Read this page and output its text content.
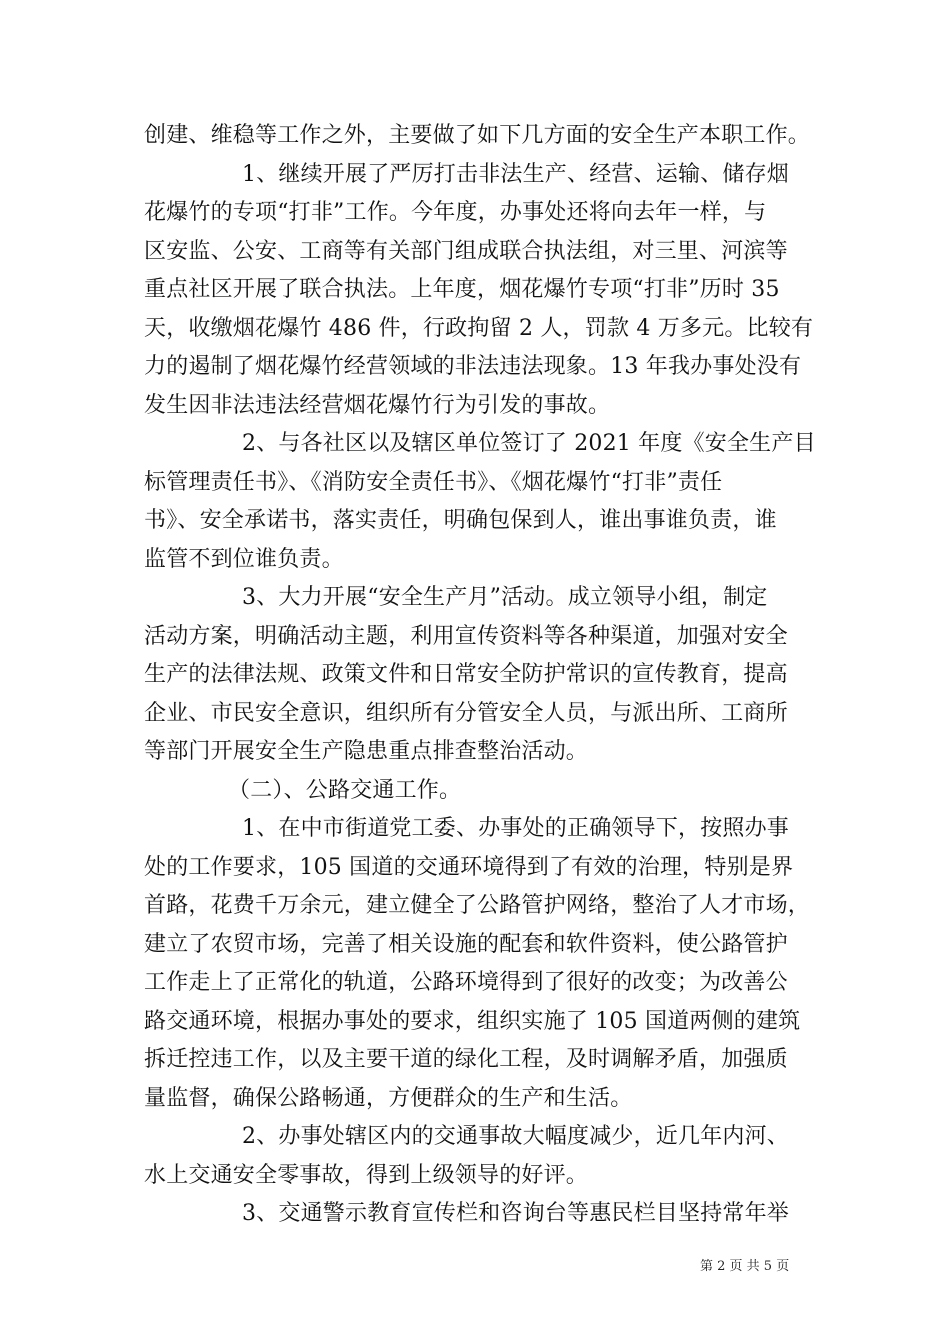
创建、维稳等工作之外，主要做了如下几方面的安全生产本职工作。
1、继续开展了严厉打击非法生产、经营、运输、储存烟
花爆竹的专项“打非”工作。今年度，办事处还将向去年一样，与
区安监、公安、工商等有关部门组成联合执法组，对三里、河滨等
重点社区开展了联合执法。上年度，烟花爆竹专项“打非”历时 35
天，收缴烟花爆竹 486 件，行政拘留 2 人，罚款 4 万多元。比较有
力的遏制了烟花爆竹经营领域的非法违法现象。13 年我办事处没有
发生因非法违法经营烟花爆竹行为引发的事故。
2、与各社区以及辖区单位签订了 2021 年度《安全生产目
标管理责任书》、《消防安全责任书》、《烟花爆竹“打非”责任
书》、安全承诺书，落实责任，明确包保到人，谁出事谁负责，谁
监管不到位谁负责。
3、大力开展“安全生产月”活动。成立领导小组，制定
活动方案，明确活动主题，利用宣传资料等各种渠道，加强对安全
生产的法律法规、政策文件和日常安全防护常识的宣传教育，提高
企业、市民安全意识，组织所有分管安全人员，与派出所、工商所
等部门开展安全生产隐患重点排查整治活动。
（二）、公路交通工作。
1、在中市街道党工委、办事处的正确领导下，按照办事
处的工作要求，105 国道的交通环境得到了有效的治理，特别是界
首路，花费千万余元，建立健全了公路管护网络，整治了人才市场，
建立了农贸市场，完善了相关设施的配套和软件资料，使公路管护
工作走上了正常化的轨道，公路环境得到了很好的改变；为改善公
路交通环境，根据办事处的要求，组织实施了 105 国道两侧的建筑
拆迁控违工作，以及主要干道的绿化工程，及时调解矛盾，加强质
量监督，确保公路畅通，方便群众的生产和生活。
2、办事处辖区内的交通事故大幅度减少，近几年内河、
水上交通安全零事故，得到上级领导的好评。
3、交通警示教育宣传栏和咨询台等惠民栏目坚持常年举
第 2 页 共 5 页
